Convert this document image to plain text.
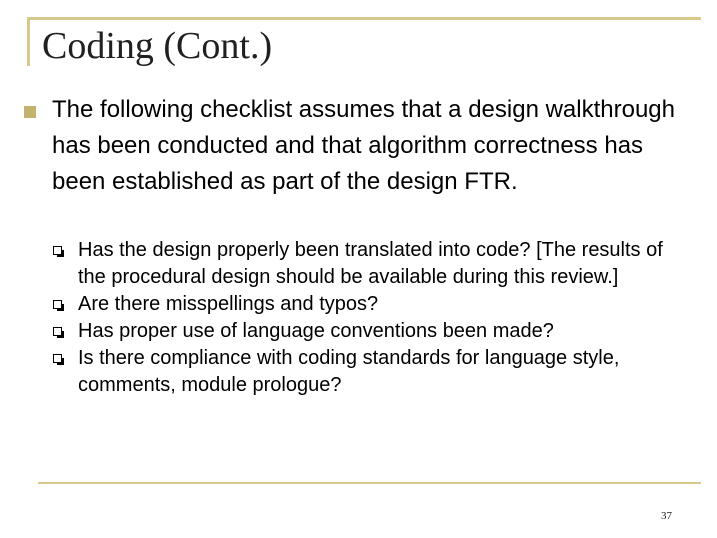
Coding (Cont.)

The following checklist assumes that a design walkthrough has been conducted and that algorithm correctness has been established as part of the design FTR.

Has the design properly been translated into code? [The results of the procedural design should be available during this review.]
Are there misspellings and typos?
Has proper use of language conventions been made?
Is there compliance with coding standards for language style, comments, module prologue?
37
